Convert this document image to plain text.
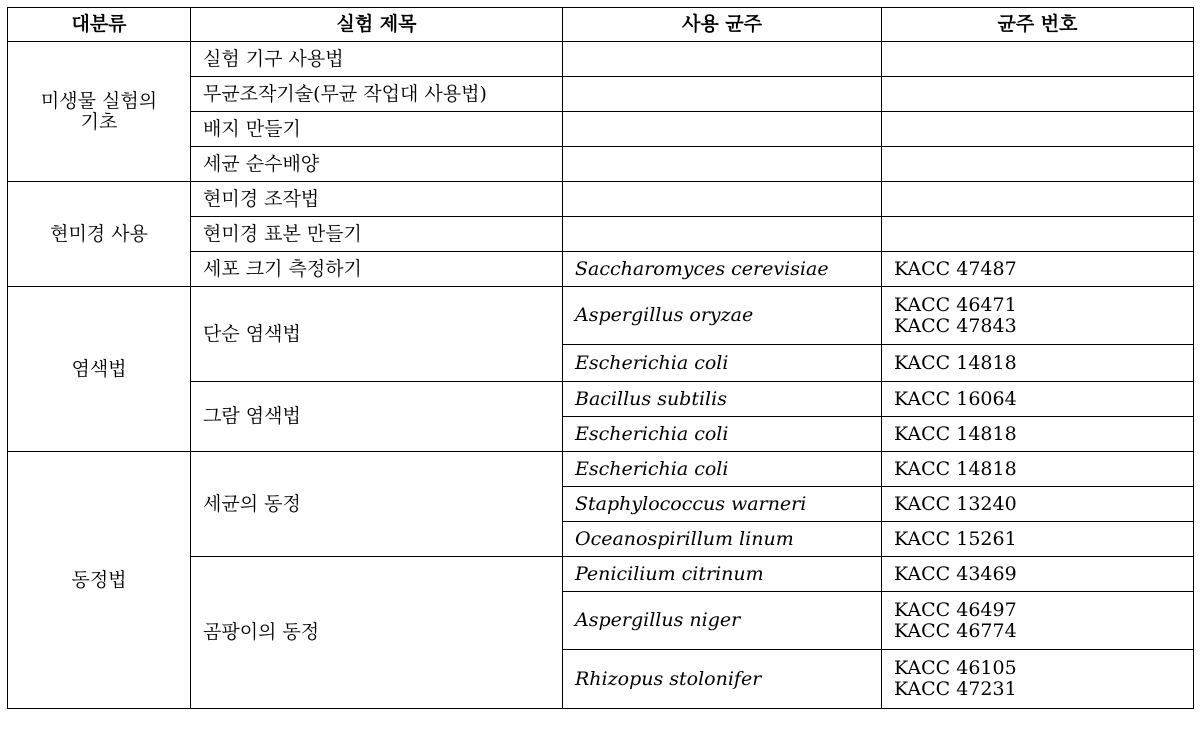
대분류	실험 제목	사용 균주	균주 번호
미생물 실험의 기초	실험 기구 사용법		
	무균조작기술(무균 작업대 사용법)		
	배지 만들기		
	세균 순수배양		
현미경 사용	현미경 조작법		
	현미경 표본 만들기		
	세포 크기 측정하기	Saccharomyces cerevisiae	KACC 47487
염색법	단순 염색법	Aspergillus oryzae	KACC 46471
KACC 47843

		Escherichia coli	KACC 14818
	그람 염색법	Bacillus subtilis	KACC 16064
		Escherichia coli	KACC 14818
동정법	세균의 동정	Escherichia coli	KACC 14818
		Staphylococcus warneri	KACC 13240
		Oceanospirillum linum	KACC 15261
	곰팡이의 동정	Penicilium citrinum	KACC 43469
		Aspergillus niger	KACC 46497
KACC 46774

		Rhizopus stolonifer	KACC 46105
KACC 47231
